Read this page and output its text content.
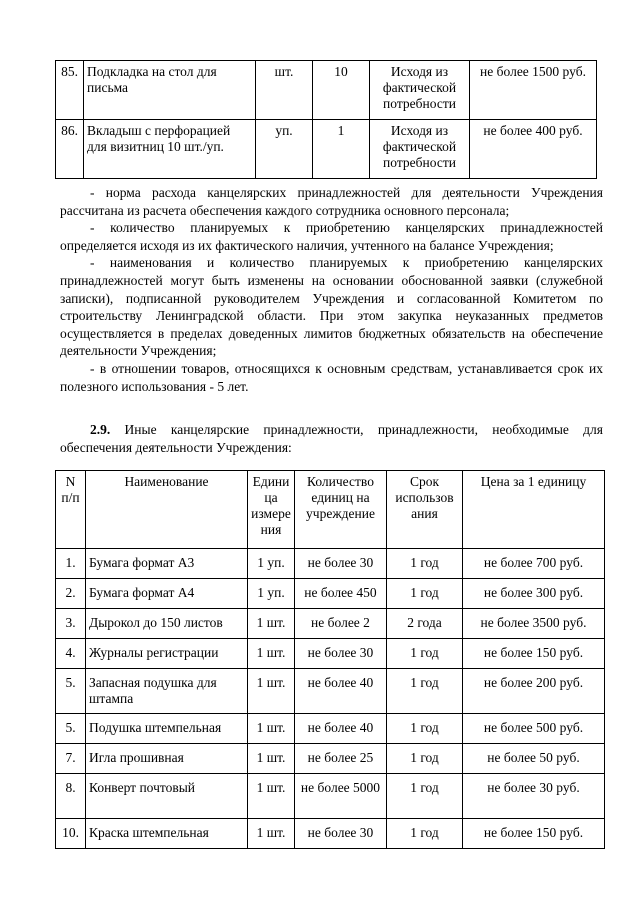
85.	Подкладка на стол для письма	шт.	10	Исходя из фактической потребности	не более 1500 руб.
86.	Вкладыш с перфорацией для визитниц 10 шт./уп.	уп.	1	Исходя из фактической потребности	не более 400 руб.

- норма расхода канцелярских принадлежностей для деятельности Учреждения рассчитана из расчета обеспечения каждого сотрудника основного персонала;

- количество планируемых к приобретению канцелярских принадлежностей определяется исходя из их фактического наличия, учтенного на балансе Учреждения;

- наименования и количество планируемых к приобретению канцелярских принадлежностей могут быть изменены на основании обоснованной заявки (служебной записки), подписанной руководителем Учреждения и согласованной Комитетом по строительству Ленинградской области. При этом закупка неуказанных предметов осуществляется в пределах доведенных лимитов бюджетных обязательств на обеспечение деятельности Учреждения;

- в отношении товаров, относящихся к основным средствам, устанавливается срок их полезного использования - 5 лет.

2.9. Иные канцелярские принадлежности, принадлежности, необходимые для обеспечения деятельности Учреждения:

N п/п	Наименование	Едини ца измере ния	Количество единиц на учреждение	Срок использов ания	Цена за 1 единицу
1.	Бумага формат А3	1 уп.	не более 30	1 год	не более 700 руб.
2.	Бумага формат А4	1 уп.	не более 450	1 год	не более 300 руб.
3.	Дырокол до 150 листов	1 шт.	не более 2	2 года	не более 3500 руб.
4.	Журналы регистрации	1 шт.	не более 30	1 год	не более 150 руб.
5.	Запасная подушка для штампа	1 шт.	не более 40	1 год	не более 200 руб.
5.	Подушка штемпельная	1 шт.	не более 40	1 год	не более 500 руб.
7.	Игла прошивная	1 шт.	не более 25	1 год	не более 50 руб.
8.	Конверт почтовый	1 шт.	не более 5000	1 год	не более 30 руб.
10.	Краска штемпельная	1 шт.	не более 30	1 год	не более 150 руб.
